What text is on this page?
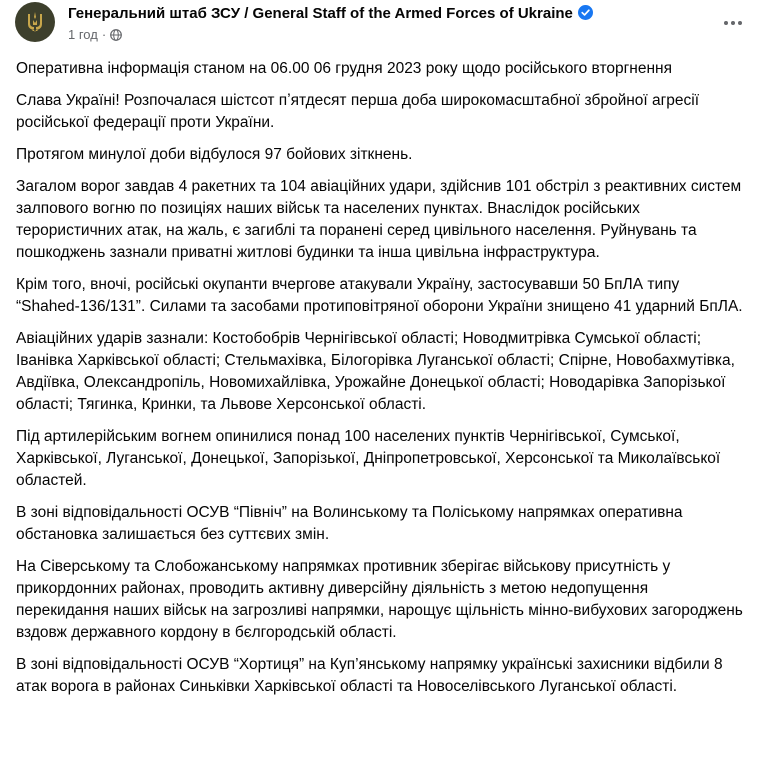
Генеральний штаб ЗСУ / General Staff of the Armed Forces of Ukraine
1 год ·

Оперативна інформація станом на 06.00 06 грудня 2023 року щодо російського вторгнення

Слава Україні! Розпочалася шістсот пʼятдесят перша доба широкомасштабної збройної агресії російської федерації проти України.

Протягом минулої доби відбулося 97 бойових зіткнень.

Загалом ворог завдав 4 ракетних та 104 авіаційних удари, здійснив 101 обстріл з реактивних систем залпового вогню по позиціях наших військ та населених пунктах. Внаслідок російських терористичних атак, на жаль, є загиблі та поранені серед цивільного населення. Руйнувань та пошкоджень зазнали приватні житлові будинки та інша цивільна інфраструктура.

Крім того, вночі, російські окупанти вчергове атакували Україну, застосувавши 50 БпЛА типу “Shahed-136/131”. Силами та засобами протиповітряної оборони України знищено 41 ударний БпЛА.

Авіаційних ударів зазнали: Костобобрів Чернігівської області; Новодмитрівка Сумської області; Іванівка Харківської області; Стельмахівка, Білогорівка Луганської області; Спірне, Новобахмутівка, Авдіївка, Олександропіль, Новомихайлівка, Урожайне Донецької області; Новодарівка Запорізької області; Тягинка, Кринки, та Львове Херсонської області.

Під артилерійським вогнем опинилися понад 100 населених пунктів Чернігівської, Сумської, Харківської, Луганської, Донецької, Запорізької, Дніпропетровської, Херсонської та Миколаївської областей.

В зоні відповідальності ОСУВ “Північ” на Волинському та Поліському напрямках оперативна обстановка залишається без суттєвих змін.

На Сіверському та Слобожанському напрямках противник зберігає військову присутність у прикордонних районах, проводить активну диверсійну діяльність з метою недопущення перекидання наших військ на загрозливі напрямки, нарощує щільність мінно-вибухових загороджень вздовж державного кордону в бєлгородській області.

В зоні відповідальності ОСУВ “Хортиця” на Куп’янському напрямку українські захисники відбили 8 атак ворога в районах Синьківки Харківської області та Новоселівського Луганської області.
